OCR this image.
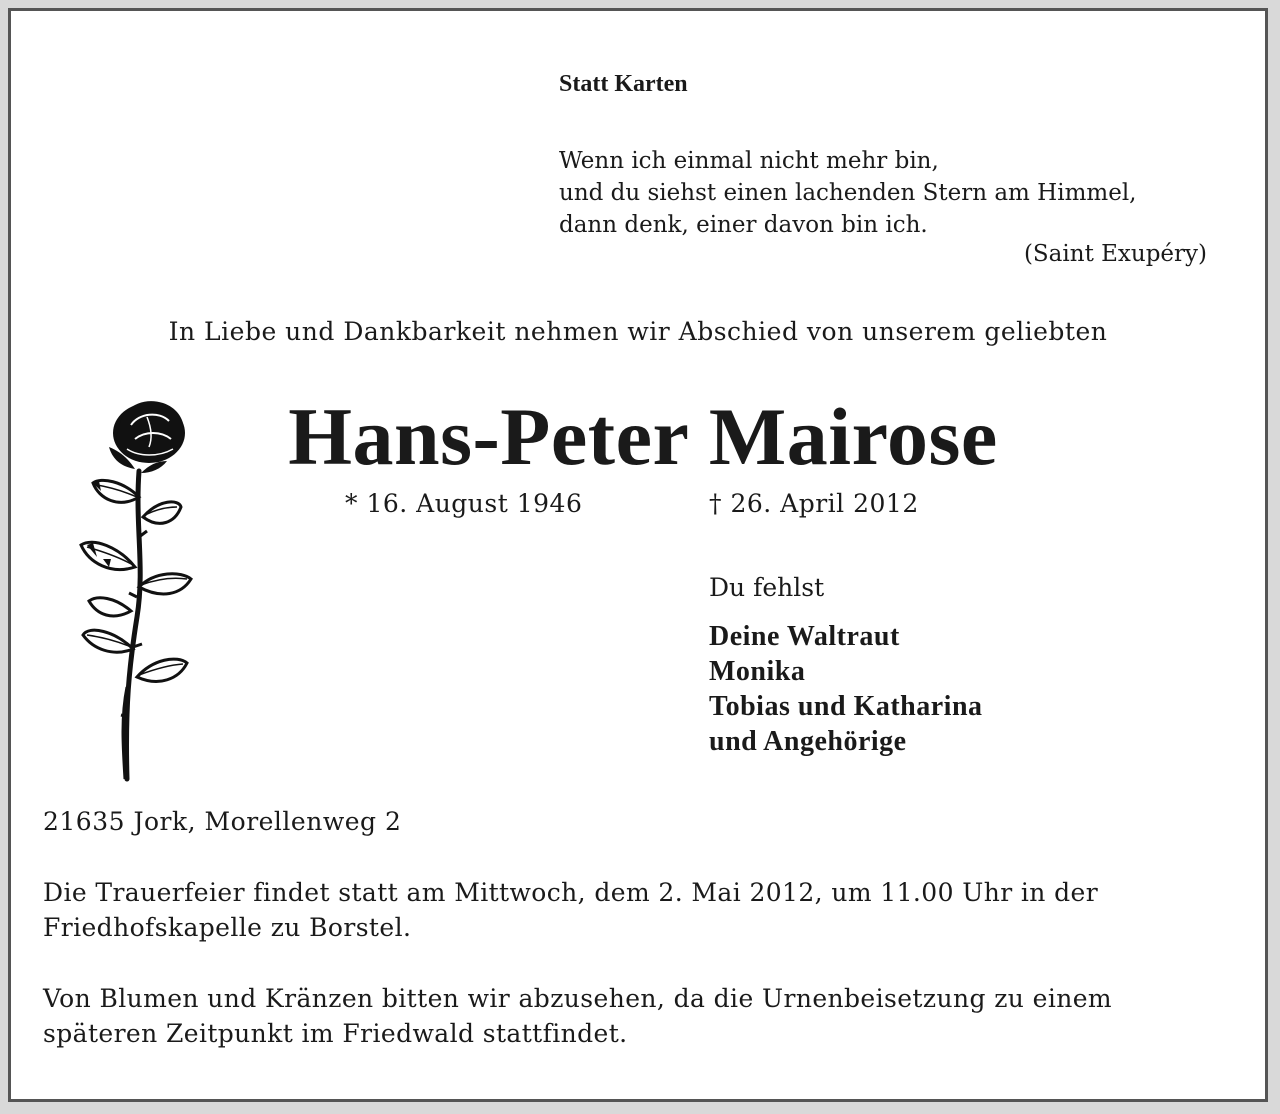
Statt Karten
Wenn ich einmal nicht mehr bin,
und du siehst einen lachenden Stern am Himmel,
dann denk, einer davon bin ich.
(Saint Exupéry)
In Liebe und Dankbarkeit nehmen wir Abschied von unserem geliebten
Hans-Peter Mairose
* 16. August 1946	† 26. April 2012
Du fehlst
Deine Waltraut
Monika
Tobias und Katharina
und Angehörige
21635 Jork, Morellenweg 2
Die Trauerfeier findet statt am Mittwoch, dem 2. Mai 2012, um 11.00 Uhr in der
Friedhofskapelle zu Borstel.
Von Blumen und Kränzen bitten wir abzusehen, da die Urnenbeisetzung zu einem
späteren Zeitpunkt im Friedwald stattfindet.
